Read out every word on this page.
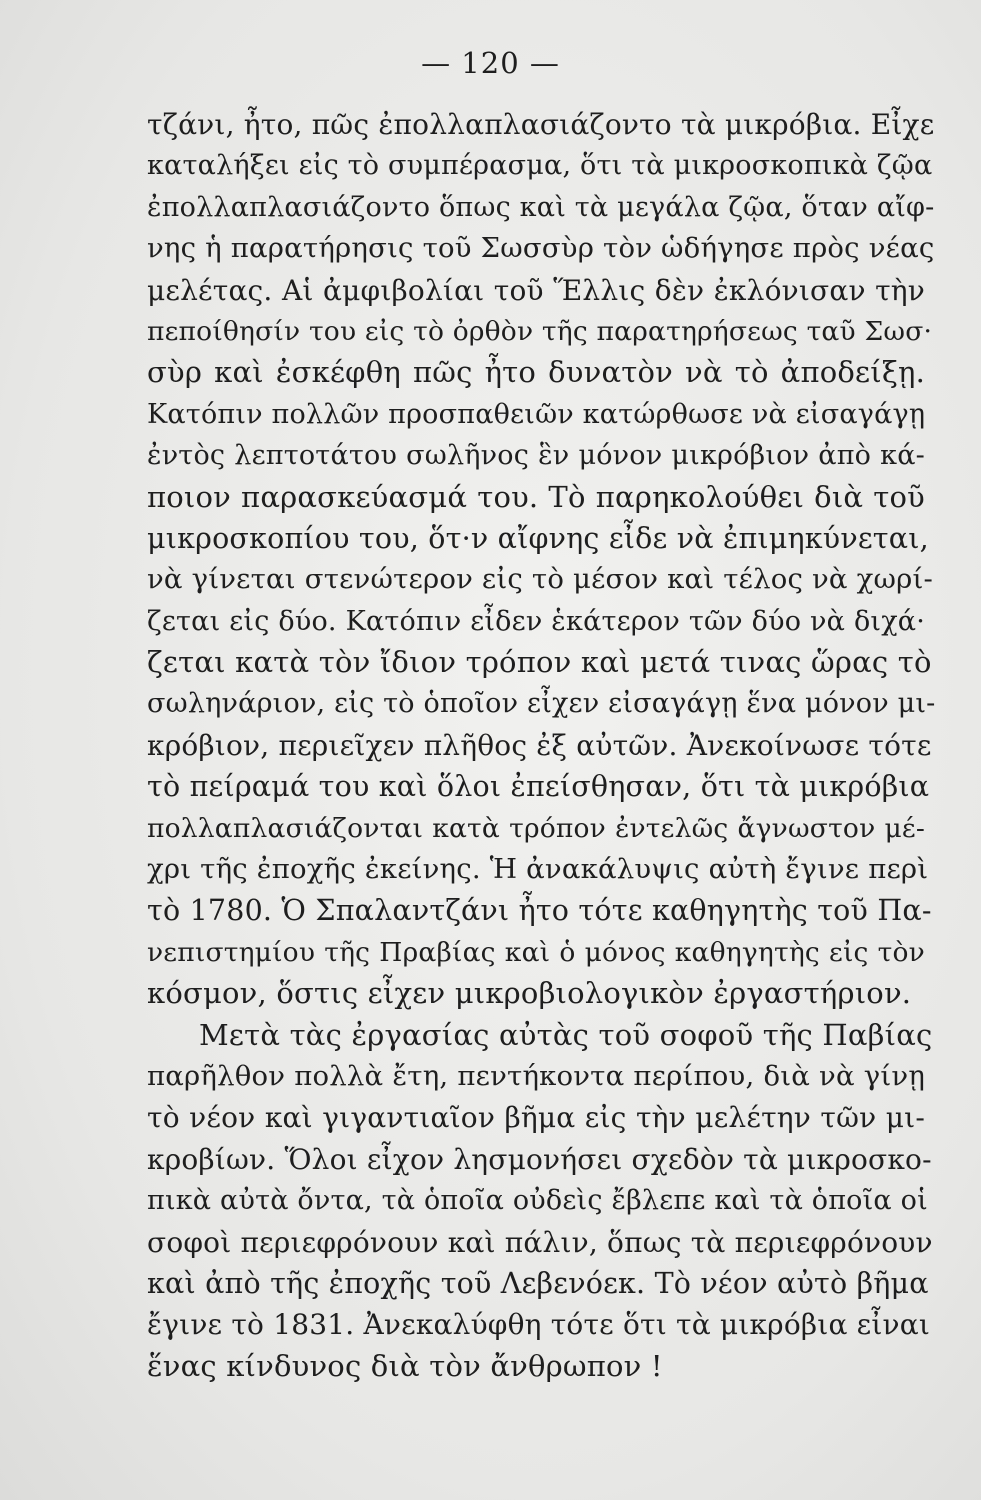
— 120 —
τζάνι, ἦτο, πῶς ἐπολλαπλασιάζοντο τὰ μικρόβια. Εἶχε
καταλήξει εἰς τὸ συμπέρασμα, ὅτι τὰ μικροσκοπικὰ ζῷα
ἐπολλαπλασιάζοντο ὅπως καὶ τὰ μεγάλα ζῷα, ὅταν αἴφ-
νης ἡ παρατήρησις τοῦ Σωσσὺρ τὸν ὡδήγησε πρὸς νέας
μελέτας. Αἱ ἀμφιβολίαι τοῦ Ἕλλις δὲν ἐκλόνισαν τὴν
πεποίθησίν του εἰς τὸ ὀρθὸν τῆς παρατηρήσεως ταῦ Σωσ·
σὺρ καὶ ἐσκέφθη πῶς ἦτο δυνατὸν νὰ τὸ ἀποδείξῃ.
Κατόπιν πολλῶν προσπαθειῶν κατώρθωσε νὰ εἰσαγάγῃ
ἐντὸς λεπτοτάτου σωλῆνος ἓν μόνον μικρόβιον ἀπὸ κά-
ποιον παρασκεύασμά του. Τὸ παρηκολούθει διὰ τοῦ
μικροσκοπίου του, ὅτ·ν αἴφνης εἶδε νὰ ἐπιμηκύνεται,
νὰ γίνεται στενώτερον εἰς τὸ μέσον καὶ τέλος νὰ χωρί-
ζεται εἰς δύο. Κατόπιν εἶδεν ἑκάτερον τῶν δύο νὰ διχά·
ζεται κατὰ τὸν ἴδιον τρόπον καὶ μετά τινας ὥρας τὸ
σωληνάριον, εἰς τὸ ὁποῖον εἶχεν εἰσαγάγῃ ἕνα μόνον μι-
κρόβιον, περιεῖχεν πλῆθος ἐξ αὐτῶν. Ἀνεκοίνωσε τότε
τὸ πείραμά του καὶ ὅλοι ἐπείσθησαν, ὅτι τὰ μικρόβια
πολλαπλασιάζονται κατὰ τρόπον ἐντελῶς ἄγνωστον μέ-
χρι τῆς ἐποχῆς ἐκείνης. Ἡ ἀνακάλυψις αὐτὴ ἔγινε περὶ
τὸ 1780. Ὁ Σπαλαντζάνι ἦτο τότε καθηγητὴς τοῦ Πα-
νεπιστημίου τῆς Πραβίας καὶ ὁ μόνος καθηγητὴς εἰς τὸν
κόσμον, ὅστις εἶχεν μικροβιολογικὸν ἐργαστήριον.
Μετὰ τὰς ἐργασίας αὐτὰς τοῦ σοφοῦ τῆς Παβίας
παρῆλθον πολλὰ ἔτη, πεντήκοντα περίπου, διὰ νὰ γίνῃ
τὸ νέον καὶ γιγαντιαῖον βῆμα εἰς τὴν μελέτην τῶν μι-
κροβίων. Ὅλοι εἶχον λησμονήσει σχεδὸν τὰ μικροσκο-
πικὰ αὐτὰ ὄντα, τὰ ὁποῖα οὐδεὶς ἔβλεπε καὶ τὰ ὁποῖα οἱ
σοφοὶ περιεφρόνουν καὶ πάλιν, ὅπως τὰ περιεφρόνουν
καὶ ἀπὸ τῆς ἐποχῆς τοῦ Λεβενόεκ. Τὸ νέον αὐτὸ βῆμα
ἔγινε τὸ 1831. Ἀνεκαλύφθη τότε ὅτι τὰ μικρόβια εἶναι
ἕνας κίνδυνος διὰ τὸν ἄνθρωπον !
